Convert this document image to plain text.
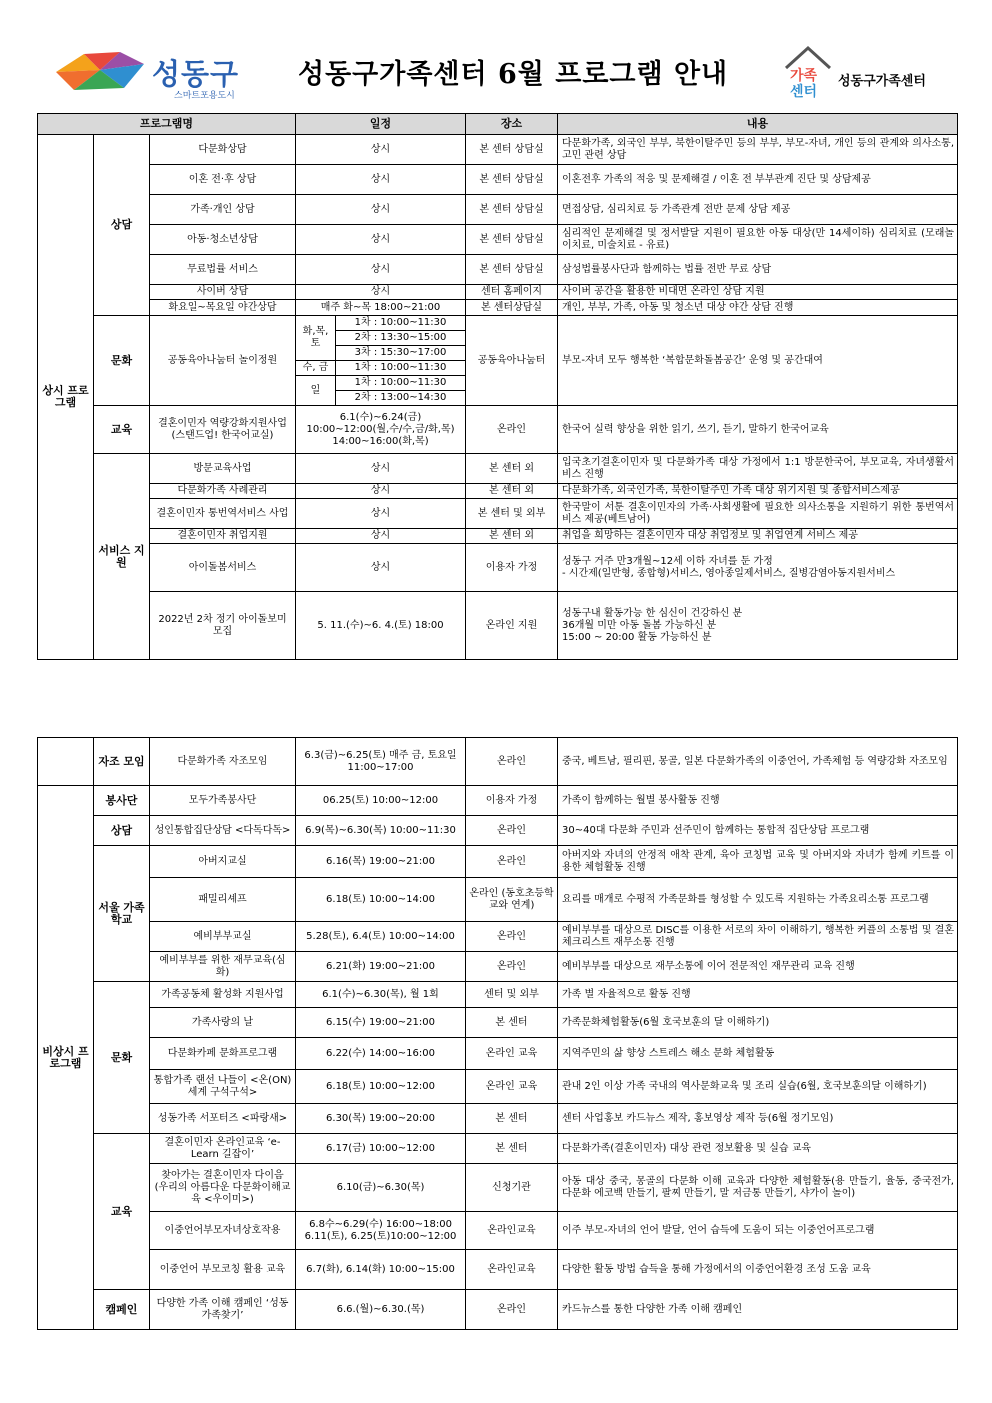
성동구
스마트포용도시
성동구가족센터 6월 프로그램 안내	가족
센터
성동구가족센터
프로그램명			일정		장소	내용
상시 프로그램	상담	다문화상담	상시		본 센터 상담실	다문화가족, 외국인 부부, 북한이탈주민 등의 부부, 부모-자녀, 개인 등의 관계와 의사소통, 고민 관련 상담
		이혼 전·후 상담	상시		본 센터 상담실	이혼전후 가족의 적응 및 문제해결 / 이혼 전 부부관계 진단 및 상담제공
		가족·개인 상담	상시		본 센터 상담실	면접상담, 심리치료 등 가족관계 전반 문제 상담 제공
		아동·청소년상담	상시		본 센터 상담실	심리적인 문제해결 및 정서발달 지원이 필요한 아동 대상(만 14세이하) 심리치료 (모래놀이치료, 미술치료 - 유료)
		무료법률 서비스	상시		본 센터 상담실	삼성법률봉사단과 함께하는 법률 전반 무료 상담
		사이버 상담	상시		센터 홈페이지	사이버 공간을 활용한 비대면 온라인 상담 지원
		화요일~목요일 야간상담	매주 화~목 18:00~21:00		본 센터상담실	개인, 부부, 가족, 아동 및 청소년 대상 야간 상담 진행
	문화	공동육아나눔터 놀이정원	화,목,토	1차 : 10:00~11:30	공동육아나눔터	부모-자녀 모두 행복한 ‘복합문화돌봄공간’ 운영 및 공간대여
				2차 : 13:30~15:00		
				3차 : 15:30~17:00		
			수, 금	1차 : 10:00~11:30		
			일	1차 : 10:00~11:30		
				2차 : 13:00~14:30		
	교육	결혼이민자 역량강화지원사업 (스탠드업! 한국어교실)	6.1(수)~6.24(금) 10:00~12:00(월,수/수,금/화,목) 14:00~16:00(화,목)		온라인	한국어 실력 향상을 위한 읽기, 쓰기, 듣기, 말하기 한국어교육
	서비스 지원	방문교육사업	상시		본 센터 외	입국초기결혼이민자 및 다문화가족 대상 가정에서 1:1 방문한국어, 부모교육, 자녀생활서비스 진행
		다문화가족 사례관리	상시		본 센터 외	다문화가족, 외국인가족, 북한이탈주민 가족 대상 위기지원 및 종합서비스제공
		결혼이민자 통번역서비스 사업	상시		본 센터 및 외부	한국말이 서툰 결혼이민자의 가족·사회생활에 필요한 의사소통을 지원하기 위한 통번역서비스 제공(베트남어)
		결혼이민자 취업지원	상시		본 센터 외	취업을 희망하는 결혼이민자 대상 취업정보 및 취업연계 서비스 제공
		아이돌봄서비스	상시		이용자 가정	성동구 거주 만3개월~12세 이하 자녀를 둔 가정
- 시간제(일반형, 종합형)서비스, 영아종일제서비스, 질병감염아동지원서비스

		2022년 2차 정기 아이돌보미 모집	5. 11.(수)~6. 4.(토) 18:00		온라인 지원	성동구내 활동가능 한 심신이 건강하신 분
36개월 미만 아동 돌봄 가능하신 분
15:00 ~ 20:00 활동 가능하신 분
	자조 모임	다문화가족 자조모임	6.3(금)~6.25(토) 매주 금, 토요일 11:00~17:00	온라인	중국, 베트남, 필리핀, 몽골, 일본 다문화가족의 이중언어, 가족체험 등 역량강화 자조모임
비상시 프로그램	봉사단	모두가족봉사단	06.25(토) 10:00~12:00	이용자 가정	가족이 함께하는 월별 봉사활동 진행
	상담	성인통합집단상담 <다독다독>	6.9(목)~6.30(목) 10:00~11:30	온라인	30~40대 다문화 주민과 선주민이 함께하는 통합적 집단상담 프로그램
	서울 가족학교	아버지교실	6.16(목) 19:00~21:00	온라인	아버지와 자녀의 안정적 애착 관계, 육아 코칭법 교육 및 아버지와 자녀가 함께 키트를 이용한 체험활동 진행
		패밀리셰프	6.18(토) 10:00~14:00	온라인 (동호초등학교와 연계)	요리를 매개로 수평적 가족문화를 형성할 수 있도록 지원하는 가족요리소통 프로그램
		예비부부교실	5.28(토), 6.4(토) 10:00~14:00	온라인	예비부부를 대상으로 DISC를 이용한 서로의 차이 이해하기, 행복한 커플의 소통법 및 결혼 체크리스트 재무소통 진행
		예비부부를 위한 재무교육(심화)	6.21(화) 19:00~21:00	온라인	예비부부를 대상으로 재무소통에 이어 전문적인 재무관리 교육 진행
	문화	가족공동체 활성화 지원사업	6.1(수)~6.30(목), 월 1회	센터 및 외부	가족 별 자율적으로 활동 진행
		가족사랑의 날	6.15(수) 19:00~21:00	본 센터	가족문화체험활동(6월 호국보훈의 달 이해하기)
		다문화카페 문화프로그램	6.22(수) 14:00~16:00	온라인 교육	지역주민의 삶 향상 스트레스 해소 문화 체험활동
		통합가족 랜선 나들이 <온(ON)세계 구석구석>	6.18(토) 10:00~12:00	온라인 교육	관내 2인 이상 가족 국내의 역사문화교육 및 조리 실습(6월, 호국보훈의달 이해하기)
		성동가족 서포터즈 <파랑새>	6.30(목) 19:00~20:00	본 센터	센터 사업홍보 카드뉴스 제작, 홍보영상 제작 등(6월 정기모임)
	교육	결혼이민자 온라인교육 ‘e-Learn 길잡이’	6.17(금) 10:00~12:00	본 센터	다문화가족(결혼이민자) 대상 관련 정보활용 및 실습 교육
		찾아가는 결혼이민자 다이음 (우리의 아름다운 다문화이해교육 <우이미>)	6.10(금)~6.30(목)	신청기관	아동 대상 중국, 몽골의 다문화 이해 교육과 다양한 체험활동(용 만들기, 율동, 중국전가, 다문화 에코백 만들기, 팔찌 만들기, 말 저금통 만들기, 샤가이 놀이)
		이중언어부모자녀상호작용	6.8수~6.29(수) 16:00~18:00 6.11(토), 6.25(토)10:00~12:00	온라인교육	이주 부모-자녀의 언어 발달, 언어 습득에 도움이 되는 이중언어프로그램
		이중언어 부모코칭 활용 교육	6.7(화), 6.14(화) 10:00~15:00	온라인교육	다양한 활동 방법 습득을 통해 가정에서의 이중언어환경 조성 도움 교육
	캠페인	다양한 가족 이해 캠페인 ‘성동가족찾기’	6.6.(월)~6.30.(목)	온라인	카드뉴스를 통한 다양한 가족 이해 캠페인
